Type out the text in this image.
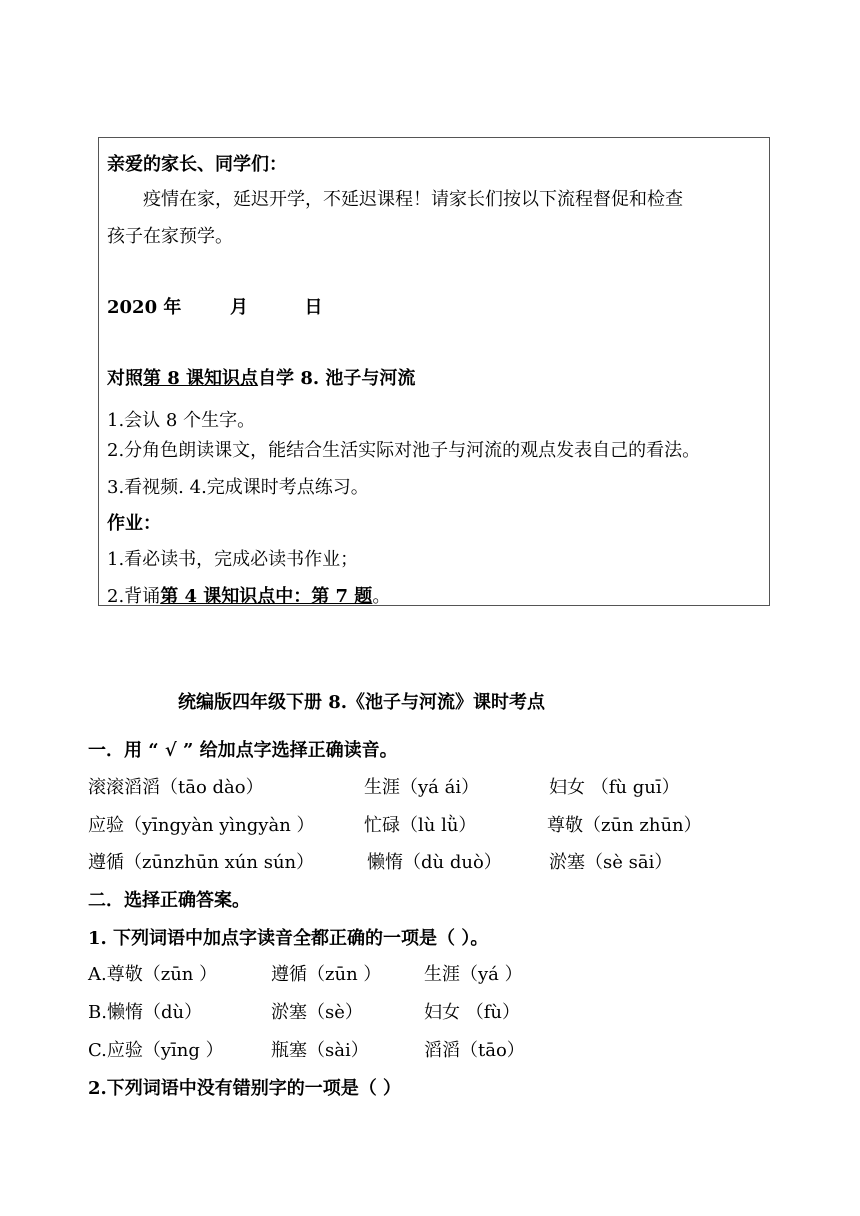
亲爱的家长、同学们：
疫情在家，延迟开学，不延迟课程！请家长们按以下流程督促和检查
孩子在家预学。
2020 年	月	日
对照第 8 课知识点自学 8. 池子与河流
1.会认 8 个生字。
2.分角色朗读课文，能结合生活实际对池子与河流的观点发表自己的看法。
3.看视频. 4.完成课时考点练习。
作业：
1.看必读书，完成必读书作业；
2.背诵第 4 课知识点中：第 7 题。
统编版四年级下册 8.《池子与河流》课时考点
一．用 “ √ ” 给加点字选择正确读音。
滚滚滔滔（tāo dào）	生涯（yá ái）	妇女 （fù guī）
应验（yīngyàn yìngyàn ）	忙碌（lù lǜ）	尊敬（zūn zhūn）
遵循（zūnzhūn xún sún）	懒惰（dù duò）	淤塞（sè sāi）
二．选择正确答案。
1. 下列词语中加点字读音全都正确的一项是（ ）。
A.尊敬（zūn ）	遵循（zūn ） 生涯（yá ）
B.懒惰（dù）	淤塞（sè）	妇女 （fù）
C.应验（yīng ）	瓶塞（sài）	滔滔（tāo）
2.下列词语中没有错别字的一项是（ ）
